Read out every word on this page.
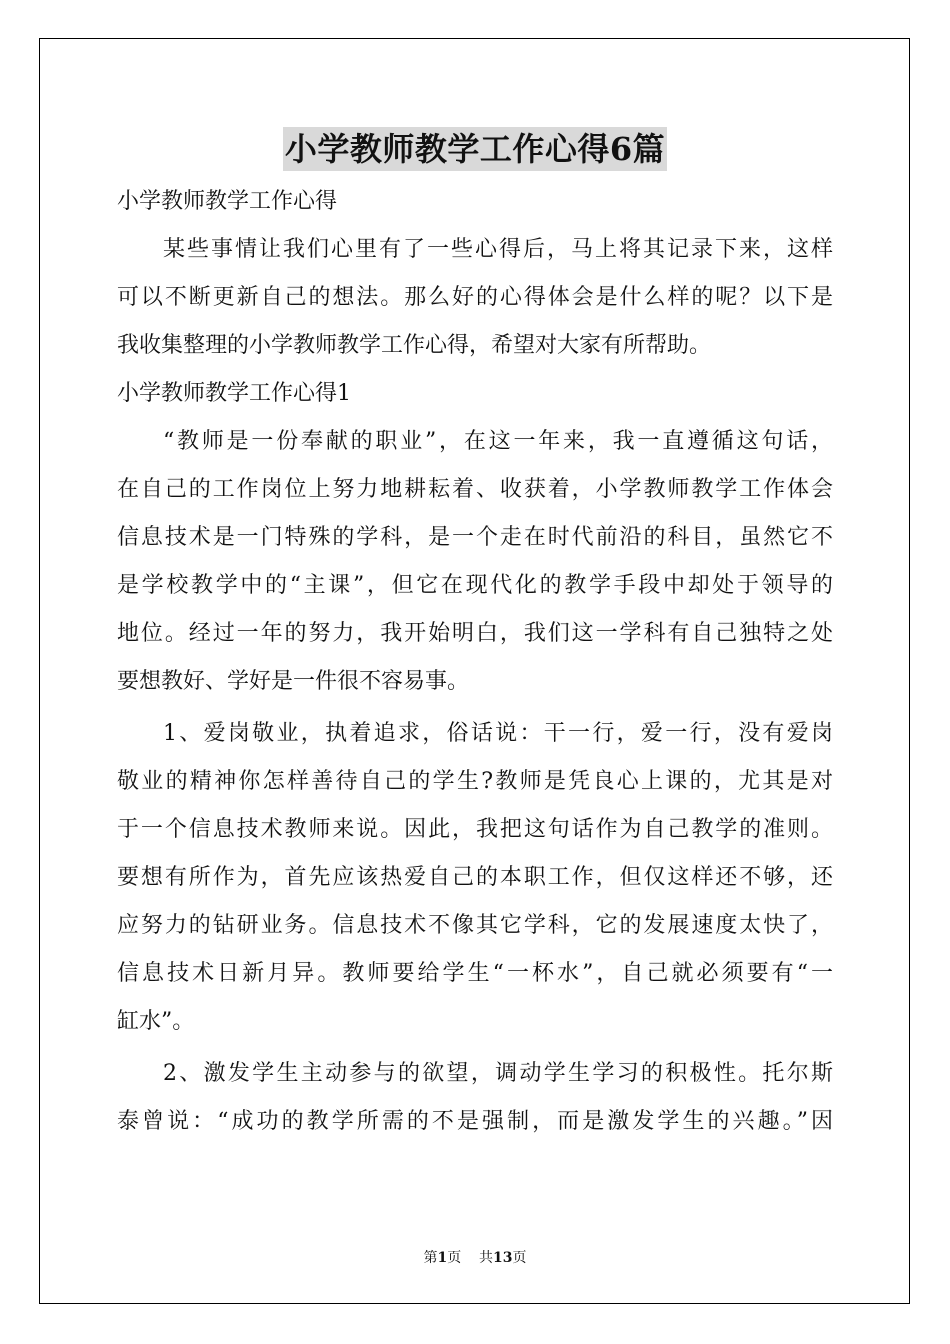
小学教师教学工作心得6篇
小学教师教学工作心得
某些事情让我们心里有了一些心得后，马上将其记录下来，这样
可以不断更新自己的想法。那么好的心得体会是什么样的呢？以下是
我收集整理的小学教师教学工作心得，希望对大家有所帮助。
小学教师教学工作心得1
“教师是一份奉献的职业”，在这一年来，我一直遵循这句话，
在自己的工作岗位上努力地耕耘着、收获着，小学教师教学工作体会
信息技术是一门特殊的学科，是一个走在时代前沿的科目，虽然它不
是学校教学中的“主课”，但它在现代化的教学手段中却处于领导的
地位。经过一年的努力，我开始明白，我们这一学科有自己独特之处
要想教好、学好是一件很不容易事。
1、爱岗敬业，执着追求，俗话说：干一行，爱一行，没有爱岗
敬业的精神你怎样善待自己的学生?教师是凭良心上课的，尤其是对
于一个信息技术教师来说。因此，我把这句话作为自己教学的准则。
要想有所作为，首先应该热爱自己的本职工作，但仅这样还不够，还
应努力的钻研业务。信息技术不像其它学科，它的发展速度太快了，
信息技术日新月异。教师要给学生“一杯水”，自己就必须要有“一
缸水”。
2、激发学生主动参与的欲望，调动学生学习的积极性。托尔斯
泰曾说：“成功的教学所需的不是强制，而是激发学生的兴趣。”因
第1页 共13页
